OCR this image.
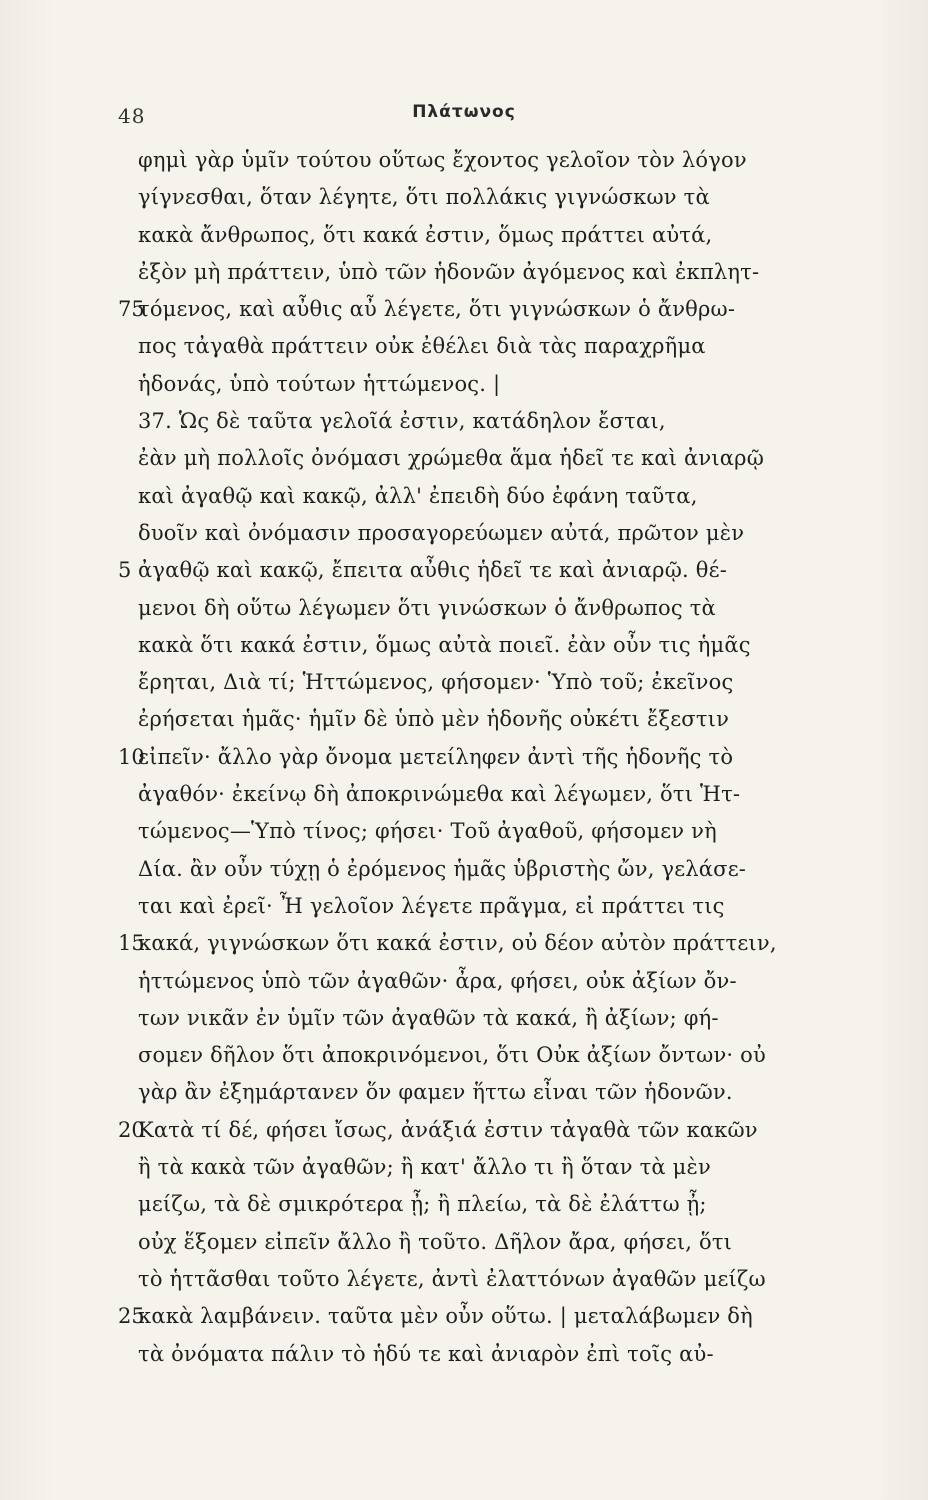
48	Πλάτωνος
φημὶ γὰρ ὑμῖν τούτου οὕτως ἔχοντος γελοῖον τὸν λόγον
γίγνεσθαι, ὅταν λέγητε, ὅτι πολλάκις γιγνώσκων τὰ
κακὰ ἄνθρωπος, ὅτι κακά ἐστιν, ὅμως πράττει αὐτά,
ἐξὸν μὴ πράττειν, ὑπὸ τῶν ἡδονῶν ἀγόμενος καὶ ἐκπλητ-
75
τόμενος, καὶ αὖθις αὖ λέγετε, ὅτι γιγνώσκων ὁ ἄνθρω-
πος τἀγαθὰ πράττειν οὐκ ἐθέλει διὰ τὰς παραχρῆμα
ἡδονάς, ὑπὸ τούτων ἡττώμενος. |
37. Ὡς δὲ ταῦτα γελοῖά ἐστιν, κατάδηλον ἔσται,
ἐὰν μὴ πολλοῖς ὀνόμασι χρώμεθα ἅμα ἡδεῖ τε καὶ ἀνιαρῷ
καὶ ἀγαθῷ καὶ κακῷ, ἀλλ' ἐπειδὴ δύο ἐφάνη ταῦτα,
δυοῖν καὶ ὀνόμασιν προσαγορεύωμεν αὐτά, πρῶτον μὲν
5 ἀγαθῷ καὶ κακῷ, ἔπειτα αὖθις ἡδεῖ τε καὶ ἀνιαρῷ. θέ-
μενοι δὴ οὕτω λέγωμεν ὅτι γινώσκων ὁ ἄνθρωπος τὰ
κακὰ ὅτι κακά ἐστιν, ὅμως αὐτὰ ποιεῖ. ἐὰν οὖν τις ἡμᾶς
ἔρηται, Διὰ τί; Ἡττώμενος, φήσομεν· Ὑπὸ τοῦ; ἐκεῖνος
ἐρήσεται ἡμᾶς· ἡμῖν δὲ ὑπὸ μὲν ἡδονῆς οὐκέτι ἔξεστιν
10
εἰπεῖν· ἄλλο γὰρ ὄνομα μετείληφεν ἀντὶ τῆς ἡδονῆς τὸ
ἀγαθόν· ἐκείνῳ δὴ ἀποκρινώμεθα καὶ λέγωμεν, ὅτι Ἡτ-
τώμενος—Ὑπὸ τίνος; φήσει· Τοῦ ἀγαθοῦ, φήσομεν νὴ
Δία. ἂν οὖν τύχῃ ὁ ἐρόμενος ἡμᾶς ὑβριστὴς ὤν, γελάσε-
ται καὶ ἐρεῖ· Ἦ γελοῖον λέγετε πρᾶγμα, εἰ πράττει τις
15
κακά, γιγνώσκων ὅτι κακά ἐστιν, οὐ δέον αὐτὸν πράττειν,
ἡττώμενος ὑπὸ τῶν ἀγαθῶν· ἆρα, φήσει, οὐκ ἀξίων ὄν-
των νικᾶν ἐν ὑμῖν τῶν ἀγαθῶν τὰ κακά, ἢ ἀξίων; φή-
σομεν δῆλον ὅτι ἀποκρινόμενοι, ὅτι Οὐκ ἀξίων ὄντων· οὐ
γὰρ ἂν ἐξημάρτανεν ὅν φαμεν ἥττω εἶναι τῶν ἡδονῶν.
20
Κατὰ τί δέ, φήσει ἴσως, ἀνάξιά ἐστιν τἀγαθὰ τῶν κακῶν
ἢ τὰ κακὰ τῶν ἀγαθῶν; ἢ κατ' ἄλλο τι ἢ ὅταν τὰ μὲν
μείζω, τὰ δὲ σμικρότερα ᾖ; ἢ πλείω, τὰ δὲ ἐλάττω ᾖ;
οὐχ ἕξομεν εἰπεῖν ἄλλο ἢ τοῦτο. Δῆλον ἄρα, φήσει, ὅτι
τὸ ἡττᾶσθαι τοῦτο λέγετε, ἀντὶ ἐλαττόνων ἀγαθῶν μείζω
25
κακὰ λαμβάνειν. ταῦτα μὲν οὖν οὕτω. | μεταλάβωμεν δὴ
τὰ ὀνόματα πάλιν τὸ ἡδύ τε καὶ ἀνιαρὸν ἐπὶ τοῖς αὐ-
